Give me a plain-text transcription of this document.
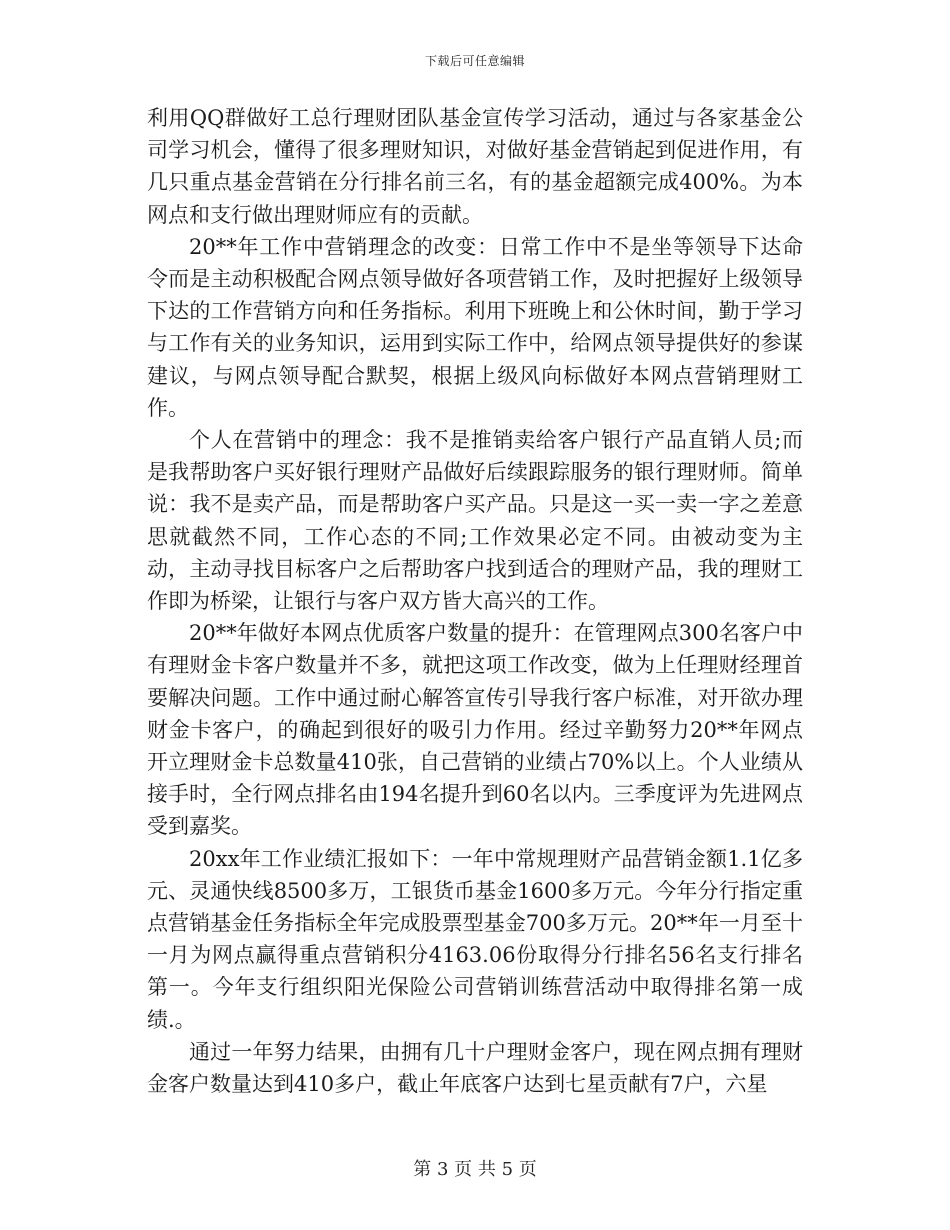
下载后可任意编辑

利用QQ群做好工总行理财团队基金宣传学习活动，通过与各家基金公司学习机会，懂得了很多理财知识，对做好基金营销起到促进作用，有几只重点基金营销在分行排名前三名，有的基金超额完成400%。为本网点和支行做出理财师应有的贡献。

20**年工作中营销理念的改变：日常工作中不是坐等领导下达命令而是主动积极配合网点领导做好各项营销工作，及时把握好上级领导下达的工作营销方向和任务指标。利用下班晚上和公休时间，勤于学习与工作有关的业务知识，运用到实际工作中，给网点领导提供好的参谋建议，与网点领导配合默契，根据上级风向标做好本网点营销理财工作。

个人在营销中的理念：我不是推销卖给客户银行产品直销人员;而是我帮助客户买好银行理财产品做好后续跟踪服务的银行理财师。简单说：我不是卖产品，而是帮助客户买产品。只是这一买一卖一字之差意思就截然不同，工作心态的不同;工作效果必定不同。由被动变为主动，主动寻找目标客户之后帮助客户找到适合的理财产品，我的理财工作即为桥梁，让银行与客户双方皆大高兴的工作。

20**年做好本网点优质客户数量的提升：在管理网点300名客户中有理财金卡客户数量并不多，就把这项工作改变，做为上任理财经理首要解决问题。工作中通过耐心解答宣传引导我行客户标准，对开欲办理财金卡客户，的确起到很好的吸引力作用。经过辛勤努力20**年网点开立理财金卡总数量410张，自己营销的业绩占70%以上。个人业绩从接手时，全行网点排名由194名提升到60名以内。三季度评为先进网点受到嘉奖。

20xx年工作业绩汇报如下：一年中常规理财产品营销金额1.1亿多元、灵通快线8500多万，工银货币基金1600多万元。今年分行指定重点营销基金任务指标全年完成股票型基金700多万元。20**年一月至十一月为网点赢得重点营销积分4163.06份取得分行排名56名支行排名第一。今年支行组织阳光保险公司营销训练营活动中取得排名第一成绩.。

通过一年努力结果，由拥有几十户理财金客户，现在网点拥有理财金客户数量达到410多户，截止年底客户达到七星贡献有7户，六星

第 3 页 共 5 页
